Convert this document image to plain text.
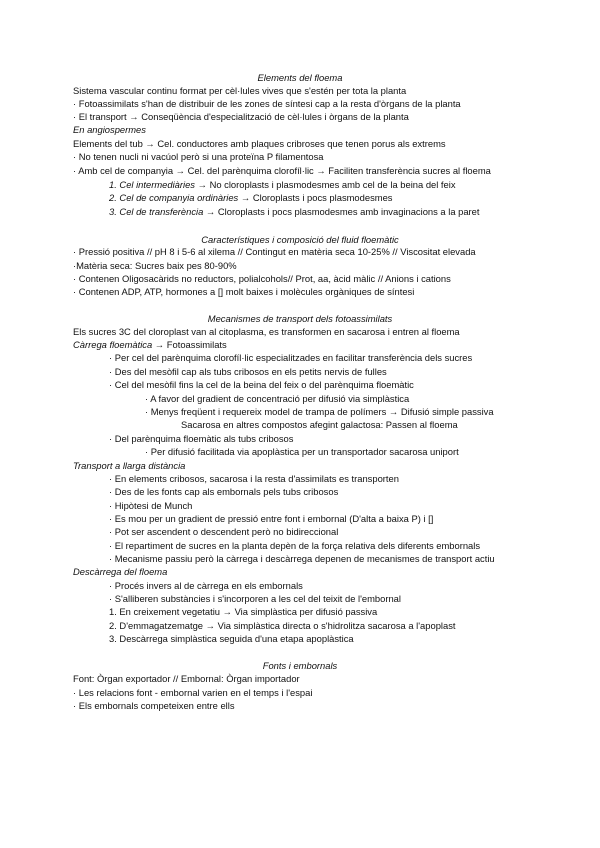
Elements del floema
Sistema vascular continu format per cèl·lules vives que s'estén per tota la planta
· Fotoassimilats s'han de distribuir de les zones de síntesi cap a la resta d'òrgans de la planta
· El transport → Conseqüència d'especialització de cèl·lules i òrgans de la planta
En angiospermes
Elements del tub → Cel. conductores amb plaques cribroses que tenen porus als extrems
· No tenen nucli ni vacúol però si una proteïna P filamentosa
· Amb cel de companyia → Cel. del parènquima clorofíl·lic → Faciliten transferència sucres al floema
1. Cel intermediàries → No cloroplasts i plasmodesmes amb cel de la beina del feix
2. Cel de companyia ordinàries → Cloroplasts i pocs plasmodesmes
3. Cel de transferència → Cloroplasts i pocs plasmodesmes amb invaginacions a la paret
Característiques i composició del fluid floemàtic
· Pressió positiva // pH 8 i 5-6 al xilema // Contingut en matèria seca 10-25% // Viscositat elevada
·Matèria seca: Sucres baix pes 80-90%
· Contenen Oligosacàrids no reductors, polialcohols// Prot, aa, àcid màlic // Anions i cations
· Contenen ADP, ATP, hormones a [] molt baixes i molècules orgàniques de síntesi
Mecanismes de transport dels fotoassimilats
Els sucres 3C del cloroplast van al citoplasma, es transformen en sacarosa i entren al floema
Càrrega floemàtica → Fotoassimilats
· Per cel del parènquima clorofíl·lic especialitzades en facilitar transferència dels sucres
· Des del mesòfil cap als tubs cribosos en els petits nervis de fulles
· Cel del mesòfil fins la cel de la beina del feix o del parènquima floemàtic
· A favor del gradient de concentració per difusió via simplàstica
· Menys freqüent i requereix model de trampa de polímers → Difusió simple passiva
Sacarosa en altres compostos afegint galactosa: Passen al floema
· Del parènquima floemàtic als tubs cribosos
· Per difusió facilitada via apoplàstica per un transportador sacarosa uniport
Transport a llarga distància
· En elements cribosos, sacarosa i la resta d'assimilats es transporten
· Des de les fonts cap als embornals pels tubs cribosos
· Hipòtesi de Munch
· Es mou per un gradient de pressió entre font i embornal (D'alta a baixa P) i []
· Pot ser ascendent o descendent però no bidireccional
· El repartiment de sucres en la planta depèn de la força relativa dels diferents embornals
· Mecanisme passiu però la càrrega i descàrrega depenen de mecanismes de transport actiu
Descàrrega del floema
· Procés invers al de càrrega en els embornals
· S'alliberen substàncies i s'incorporen a les cel del teixit de l'embornal
1. En creixement vegetatiu → Via simplàstica per difusió passiva
2. D'emmagatzematge → Via simplàstica directa o s'hidrolitza sacarosa a l'apoplast
3. Descàrrega simplàstica seguida d'una etapa apoplàstica
Fonts i embornals
Font: Òrgan exportador // Embornal: Òrgan importador
· Les relacions font - embornal varien en el temps i l'espai
· Els embornals competeixen entre ells
